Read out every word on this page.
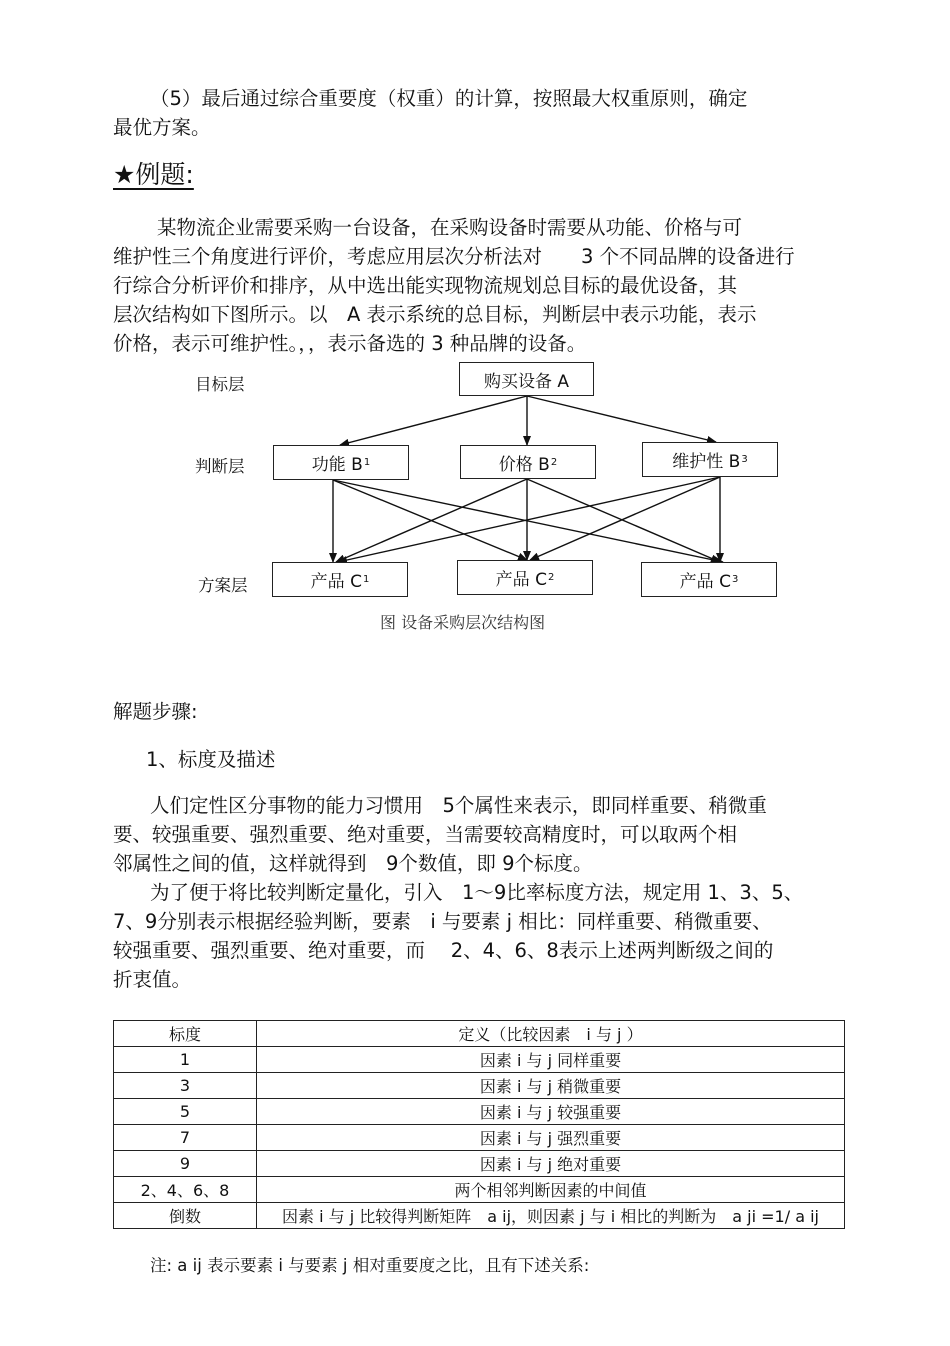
（5）最后通过综合重要度（权重）的计算，按照最大权重原则，确定
最优方案。
★例题:
某物流企业需要采购一台设备，在采购设备时需要从功能、价格与可
维护性三个角度进行评价，考虑应用层次分析法对　　3 个不同品牌的设备进行
行综合分析评价和排序，从中选出能实现物流规划总目标的最优设备，其
层次结构如下图所示。以　A 表示系统的总目标，判断层中表示功能，表示
价格，表示可维护性。，，表示备选的 3 种品牌的设备。
目标层
判断层
方案层
购买设备 A
功能 B 1	价格 B 2	维护性 B 3
产品 C 1	产品 C 2	产品 C 3
图 设备采购层次结构图
解题步骤:
1、标度及描述
人们定性区分事物的能力习惯用　5个属性来表示，即同样重要、稍微重
要、较强重要、强烈重要、绝对重要，当需要较高精度时，可以取两个相
邻属性之间的值，这样就得到　9个数值，即 9个标度。
为了便于将比较判断定量化，引入　1～9比率标度方法，规定用 1、3、5、
7、9分别表示根据经验判断，要素　i 与要素 j 相比：同样重要、稍微重要、
较强重要、强烈重要、绝对重要，而　 2、4、6、8表示上述两判断级之间的
折衷值。
标度	定义（比较因素　i 与 j ）
1	因素 i 与 j 同样重要
3	因素 i 与 j 稍微重要
5	因素 i 与 j 较强重要
7	因素 i 与 j 强烈重要
9	因素 i 与 j 绝对重要
2、4、6、8	两个相邻判断因素的中间值
倒数	因素 i 与 j 比较得判断矩阵　a ij，则因素 j 与 i 相比的判断为　a ji =1/ a ij
注: a ij 表示要素 i 与要素 j 相对重要度之比，且有下述关系:
